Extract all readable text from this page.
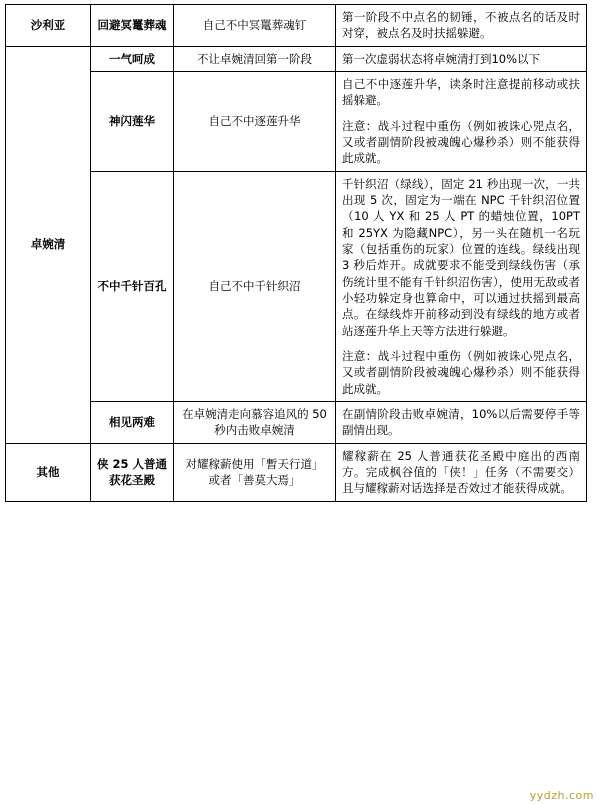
沙利亚	回避冥鼍葬魂	自己不中冥鼍葬魂钉	第一阶段不中点名的韧锤，不被点名的话及时对穿，被点名及时扶摇躲避。

卓婉清	一气呵成	不让卓婉清回第一阶段	第一次虚弱状态将卓婉清打到10%以下

	神闪莲华	自己不中逐莲升华	自己不中逐莲升华，读条时注意提前移动或扶摇躲避。

注意：战斗过程中重伤（例如被诛心兕点名，又或者副情阶段被魂魄心爆秒杀）则不能获得此成就。

	不中千针百孔	自己不中千针织沼	千针织沼（绿线），固定 21 秒出现一次，一共出现 5 次，固定为一端在 NPC 千针织沼位置（10 人 YX 和 25 人 PT 的蜡烛位置，10PT 和 25YX 为隐藏NPC），另一头在随机一名玩家（包括重伤的玩家）位置的连线。绿线出现 3 秒后炸开。成就要求不能受到绿线伤害（承伤统计里不能有千针织沼伤害），使用无敌或者小轻功躲定身也算命中，可以通过扶摇到最高点。在绿线炸开前移动到没有绿线的地方或者站逐莲升华上天等方法进行躲避。

注意：战斗过程中重伤（例如被诛心兕点名，又或者副情阶段被魂魄心爆秒杀）则不能获得此成就。

	相见两难	在卓婉清走向慕容追风的 50 秒内击败卓婉清	在副情阶段击败卓婉清，10%以后需要停手等副情出现。

其他	侠 25 人普通获花圣殿	对耀稼薪使用「暫天行道」或者「善莫大焉」	耀稼薪在 25 人普通获花圣殿中庭出的西南方。完成枫谷值的「侠！」任务（不需要交）且与耀稼薪对话选择是否效过才能获得成就。

yydzh.com
